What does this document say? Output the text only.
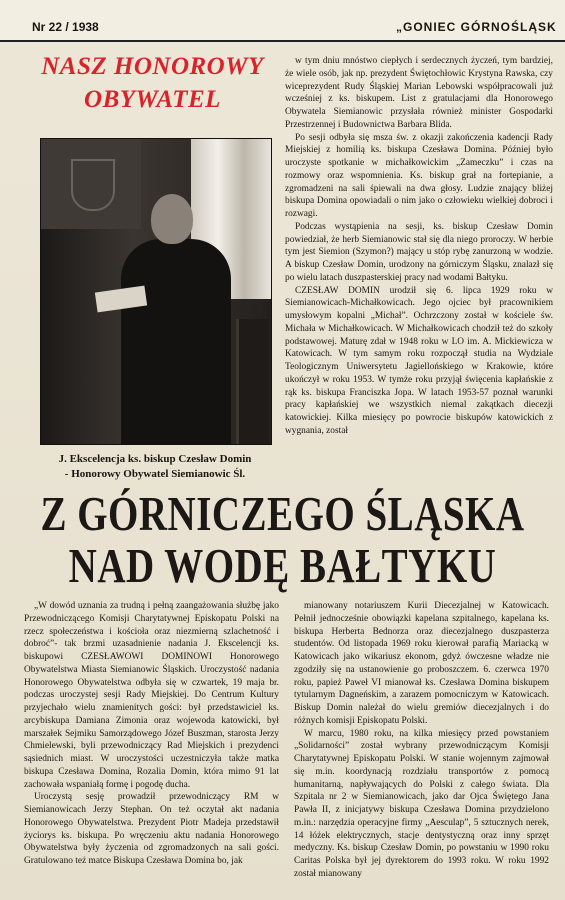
Nr 22 / 1938	„GONIEC GÓRNOŚLĄSK
NASZ HONOROWY
OBYWATEL
J. Ekscelencja ks. biskup Czesław Domin
- Honorowy Obywatel Siemianowic Śl.

w tym dniu mnóstwo ciepłych i serdecznych życzeń, tym bardziej, że wiele osób, jak np. prezydent Świętochłowic Krystyna Rawska, czy wiceprezydent Rudy Śląskiej Marian Lebowski współpracowali już wcześniej z ks. biskupem. List z gratulacjami dla Honorowego Obywatela Siemianowic przysłała również minister Gospodarki Przestrzennej i Budownictwa Barbara Blida.

Po sesji odbyła się msza św. z okazji zakończenia kadencji Rady Miejskiej z homilią ks. biskupa Czesława Domina. Później było uroczyste spotkanie w michałkowickim „Zameczku” i czas na rozmowy oraz wspomnienia. Ks. biskup grał na fortepianie, a zgromadzeni na sali śpiewali na dwa głosy. Ludzie znający bliżej biskupa Domina opowiadali o nim jako o człowieku wielkiej dobroci i rozwagi.

Podczas wystąpienia na sesji, ks. biskup Czesław Domin powiedział, że herb Siemianowic stał się dla niego proroczy. W herbie tym jest Siemion (Szymon?) mający u stóp rybę zanurzoną w wodzie. A biskup Czesław Domin, urodzony na górniczym Śląsku, znalazł się po wielu latach duszpasterskiej pracy nad wodami Bałtyku.

CZESŁAW DOMIN urodził się 6. lipca 1929 roku w Siemianowicach-Michałkowicach. Jego ojciec był pracownikiem umysłowym kopalni „Michał”. Ochrzczony został w kościele św. Michała w Michałkowicach. W Michałkowicach chodził też do szkoły podstawowej. Maturę zdał w 1948 roku w LO im. A. Mickiewicza w Katowicach. W tym samym roku rozpoczął studia na Wydziale Teologicznym Uniwersytetu Jagiellońskiego w Krakowie, które ukończył w roku 1953. W tymże roku przyjął święcenia kapłańskie z rąk ks. biskupa Franciszka Jopa. W latach 1953-57 poznał warunki pracy kapłańskiej we wszystkich niemal zakątkach diecezji katowickiej. Kilka miesięcy po powrocie biskupów katowickich z wygnania, został

Z GÓRNICZEGO ŚLĄSKA
NAD WODĘ BAŁTYKU

„W dowód uznania za trudną i pełną zaangażowania służbę jako Przewodniczącego Komisji Charytatywnej Episkopatu Polski na rzecz społeczeństwa i kościoła oraz niezmierną szlachetność i dobroć”- tak brzmi uzasadnienie nadania J. Ekscelencji ks. biskupowi CZESŁAWOWI DOMINOWI Honorowego Obywatelstwa Miasta Siemianowic Śląskich. Uroczystość nadania Honorowego Obywatelstwa odbyła się w czwartek, 19 maja br. podczas uroczystej sesji Rady Miejskiej. Do Centrum Kultury przyjechało wielu znamienitych gości: był przedstawiciel ks. arcybiskupa Damiana Zimonia oraz wojewoda katowicki, był marszałek Sejmiku Samorządowego Józef Buszman, starosta Jerzy Chmielewski, byli przewodniczący Rad Miejskich i prezydenci sąsiednich miast. W uroczystości uczestniczyła także matka biskupa Czesława Domina, Rozalia Domin, która mimo 91 lat zachowała wspaniałą formę i pogodę ducha.

Uroczystą sesję prowadził przewodniczący RM w Siemianowicach Jerzy Stephan. On też oczytał akt nadania Honorowego Obywatelstwa. Prezydent Piotr Madeja przedstawił życiorys ks. biskupa. Po wręczeniu aktu nadania Honorowego Obywatelstwa były życzenia od zgromadzonych na sali gości. Gratulowano też matce Biskupa Czesława Domina bo, jak

mianowany notariuszem Kurii Diecezjalnej w Katowicach. Pełnił jednocześnie obowiązki kapelana szpitalnego, kapelana ks. biskupa Herberta Bednorza oraz diecezjalnego duszpasterza studentów. Od listopada 1969 roku kierował parafią Mariacką w Katowicach jako wikariusz ekonom, gdyż ówczesne władze nie zgodziły się na ustanowienie go proboszczem. 6. czerwca 1970 roku, papież Paweł VI mianował ks. Czesława Domina biskupem tytularnym Dagneńskim, a zarazem pomocniczym w Katowicach. Biskup Domin należał do wielu gremiów diecezjalnych i do różnych komisji Episkopatu Polski.

W marcu, 1980 roku, na kilka miesięcy przed powstaniem „Solidarności” został wybrany przewodniczącym Komisji Charytatywnej Episkopatu Polski. W stanie wojennym zajmował się m.in. koordynacją rozdziału transportów z pomocą humanitarną, napływających do Polski z całego świata. Dla Szpitala nr 2 w Siemianowicach, jako dar Ojca Świętego Jana Pawła II, z inicjatywy biskupa Czesława Domina przydzielono m.in.: narzędzia operacyjne firmy „Aesculap”, 5 sztucznych nerek, 14 łóżek elektrycznych, stacje dentystyczną oraz inny sprzęt medyczny. Ks. biskup Czesław Domin, po powstaniu w 1990 roku Caritas Polska był jej dyrektorem do 1993 roku. W roku 1992 został mianowany
